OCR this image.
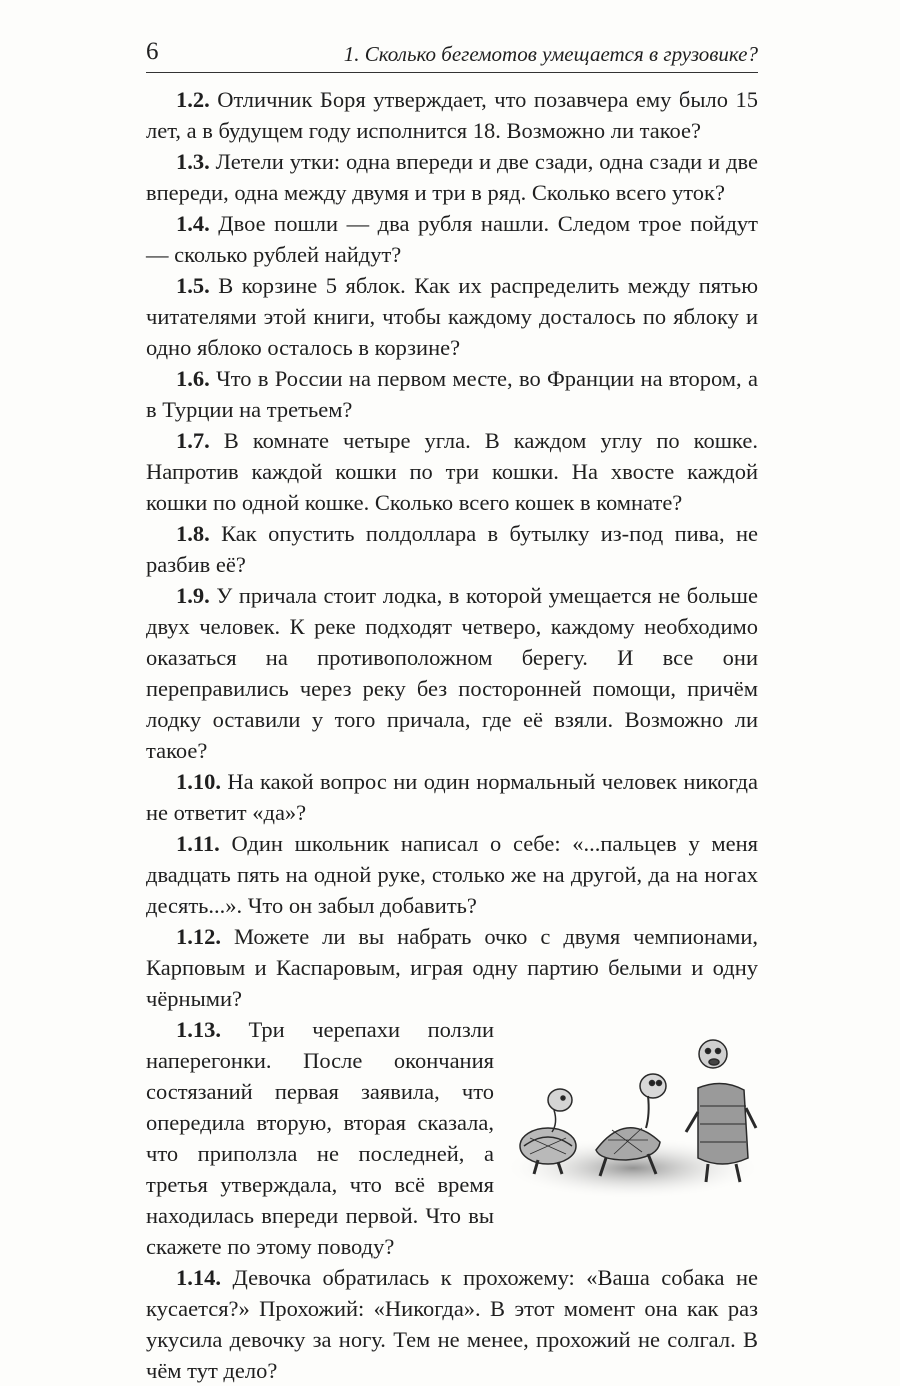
6	1. Сколько бегемотов умещается в грузовике?

1.2. Отличник Боря утверждает, что позавчера ему было 15 лет, а в будущем году исполнится 18. Возможно ли такое?

1.3. Летели утки: одна впереди и две сзади, одна сзади и две впереди, одна между двумя и три в ряд. Сколько всего уток?

1.4. Двое пошли — два рубля нашли. Следом трое пойдут — сколько рублей найдут?

1.5. В корзине 5 яблок. Как их распределить между пятью читателями этой книги, чтобы каждому досталось по яблоку и одно яблоко осталось в корзине?

1.6. Что в России на первом месте, во Франции на втором, а в Турции на третьем?

1.7. В комнате четыре угла. В каждом углу по кошке. Напротив каждой кошки по три кошки. На хвосте каждой кошки по одной кошке. Сколько всего кошек в комнате?

1.8. Как опустить полдоллара в бутылку из-под пива, не разбив её?

1.9. У причала стоит лодка, в которой умещается не больше двух человек. К реке подходят четверо, каждому необходимо оказаться на противоположном берегу. И все они переправились через реку без посторонней помощи, причём лодку оставили у того причала, где её взяли. Возможно ли такое?

1.10. На какой вопрос ни один нормальный человек никогда не ответит «да»?

1.11. Один школьник написал о себе: «...пальцев у меня двадцать пять на одной руке, столько же на другой, да на ногах десять...». Что он забыл добавить?

1.12. Можете ли вы набрать очко с двумя чемпионами, Карповым и Каспаровым, играя одну партию белыми и одну чёрными?

1.13. Три черепахи ползли наперегонки. После окончания состязаний первая заявила, что опередила вторую, вторая сказала, что приползла не последней, а третья утверждала, что всё время находилась впереди первой. Что вы скажете по этому поводу?

1.14. Девочка обратилась к прохожему: «Ваша собака не кусается?» Прохожий: «Никогда». В этот момент она как раз укусила девочку за ногу. Тем не менее, прохожий не солгал. В чём тут дело?
